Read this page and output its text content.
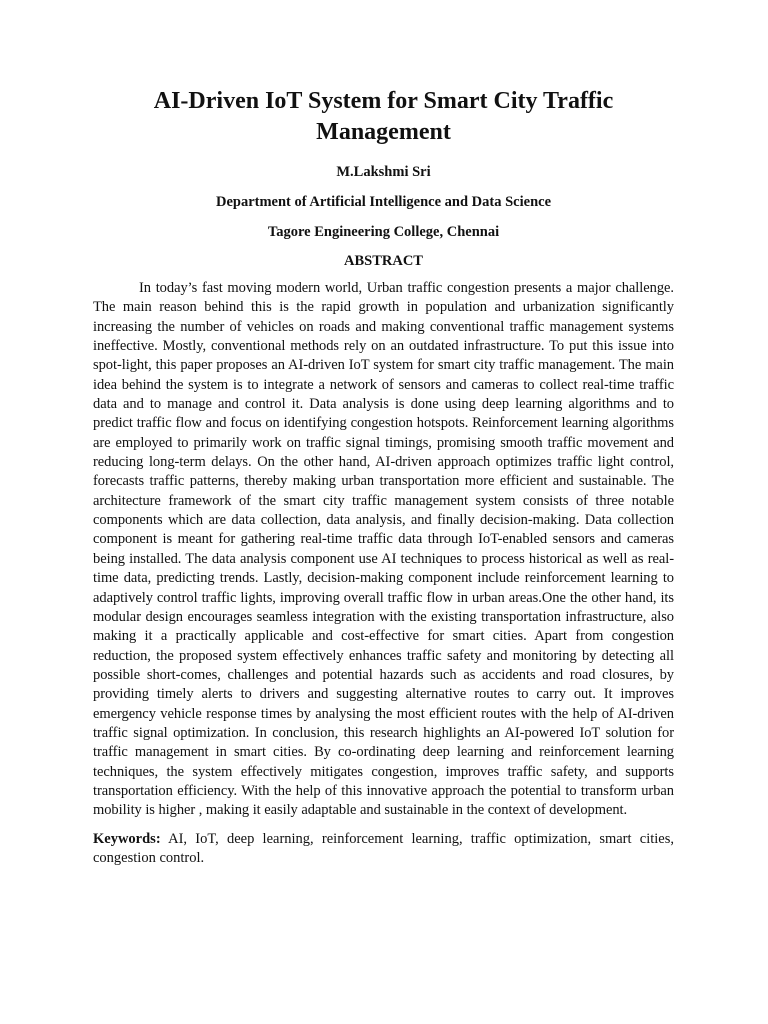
AI-Driven IoT System for Smart City Traffic Management

M.Lakshmi Sri

Department of Artificial Intelligence and Data Science

Tagore Engineering College, Chennai

ABSTRACT

In today’s fast moving modern world, Urban traffic congestion presents a major challenge. The main reason behind this is the rapid growth in population and urbanization significantly increasing the number of vehicles on roads and making conventional traffic management systems ineffective. Mostly, conventional methods rely on an outdated infrastructure. To put this issue into spot-light, this paper proposes an AI-driven IoT system for smart city traffic management. The main idea behind the system is to integrate a network of sensors and cameras to collect real-time traffic data and to manage and control it. Data analysis is done using deep learning algorithms and to predict traffic flow and focus on identifying congestion hotspots. Reinforcement learning algorithms are employed to primarily work on traffic signal timings, promising smooth traffic movement and reducing long-term delays. On the other hand, AI-driven approach optimizes traffic light control, forecasts traffic patterns, thereby making urban transportation more efficient and sustainable. The architecture framework of the smart city traffic management system consists of three notable components which are data collection, data analysis, and finally decision-making. Data collection component is meant for gathering real-time traffic data through IoT-enabled sensors and cameras being installed. The data analysis component use AI techniques to process historical as well as real-time data, predicting trends. Lastly, decision-making component include reinforcement learning to adaptively control traffic lights, improving overall traffic flow in urban areas.One the other hand, its modular design encourages seamless integration with the existing transportation infrastructure, also making it a practically applicable and cost-effective for smart cities. Apart from congestion reduction, the proposed system effectively enhances traffic safety and monitoring by detecting all possible short-comes, challenges and potential hazards such as accidents and road closures, by providing timely alerts to drivers and suggesting alternative routes to carry out. It improves emergency vehicle response times by analysing the most efficient routes with the help of AI-driven traffic signal optimization. In conclusion, this research highlights an AI-powered IoT solution for traffic management in smart cities. By co-ordinating deep learning and reinforcement learning techniques, the system effectively mitigates congestion, improves traffic safety, and supports transportation efficiency. With the help of this innovative approach the potential to transform urban mobility is higher , making it easily adaptable and sustainable in the context of development.

Keywords: AI, IoT, deep learning, reinforcement learning, traffic optimization, smart cities, congestion control.
